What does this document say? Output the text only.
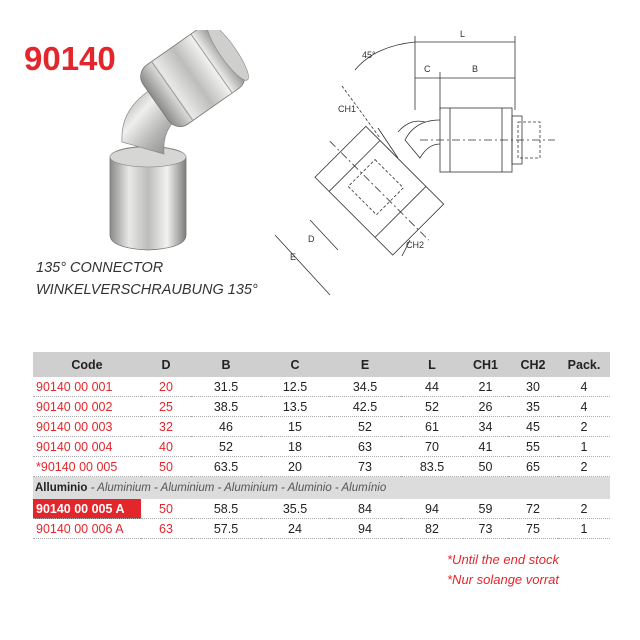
90140
L
C	B
45°
CH1
CH2
D
E
135° CONNECTOR
WINKELVERSCHRAUBUNG 135°
Code	D	B	C	E	L	CH1	CH2	Pack.
90140 00 001	20	31.5	12.5	34.5	44	21	30	4
90140 00 002	25	38.5	13.5	42.5	52	26	35	4
90140 00 003	32	46	15	52	61	34	45	2
90140 00 004	40	52	18	63	70	41	55	1
*90140 00 005	50	63.5	20	73	83.5	50	65	2
Alluminio - Aluminium - Aluminium - Aluminium - Aluminio - Alumínio								
90140 00 005 A	50	58.5	35.5	84	94	59	72	2
90140 00 006 A	63	57.5	24	94	82	73	75	1
*Until the end stock
*Nur solange vorrat
